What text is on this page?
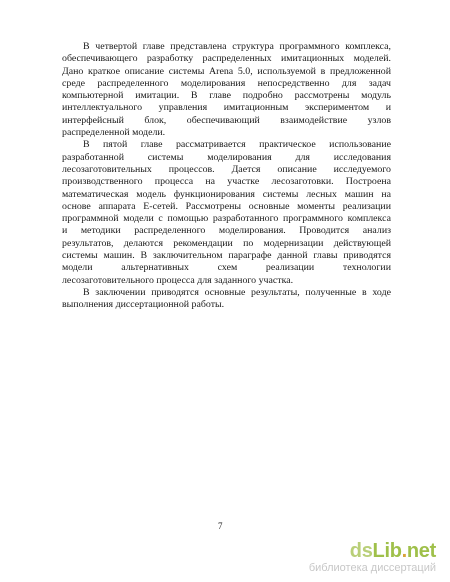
В четвертой главе представлена структура программного комплекса,
обеспечивающего разработку распределенных имитационных моделей.
Дано краткое описание системы Arena 5.0, используемой в предложенной
среде распределенного моделирования непосредственно для задач
компьютерной имитации. В главе подробно рассмотрены модуль
интеллектуального управления имитационным экспериментом и
интерфейсный блок, обеспечивающий взаимодействие узлов
распределенной модели.

В пятой главе рассматривается практическое использование
разработанной системы моделирования для исследования
лесозаготовительных процессов. Дается описание исследуемого
производственного процесса на участке лесозаготовки. Построена
математическая модель функционирования системы лесных машин на
основе аппарата Е-сетей. Рассмотрены основные моменты реализации
программной модели с помощью разработанного программного комплекса
и методики распределенного моделирования. Проводится анализ
результатов, делаются рекомендации по модернизации действующей
системы машин. В заключительном параграфе данной главы приводятся
модели альтернативных схем реализации технологии
лесозаготовительного процесса для заданного участка.

В заключении приводятся основные результаты, полученные в ходе
выполнения диссертационной работы.

7
dsLib.net
библиотека диссертаций
